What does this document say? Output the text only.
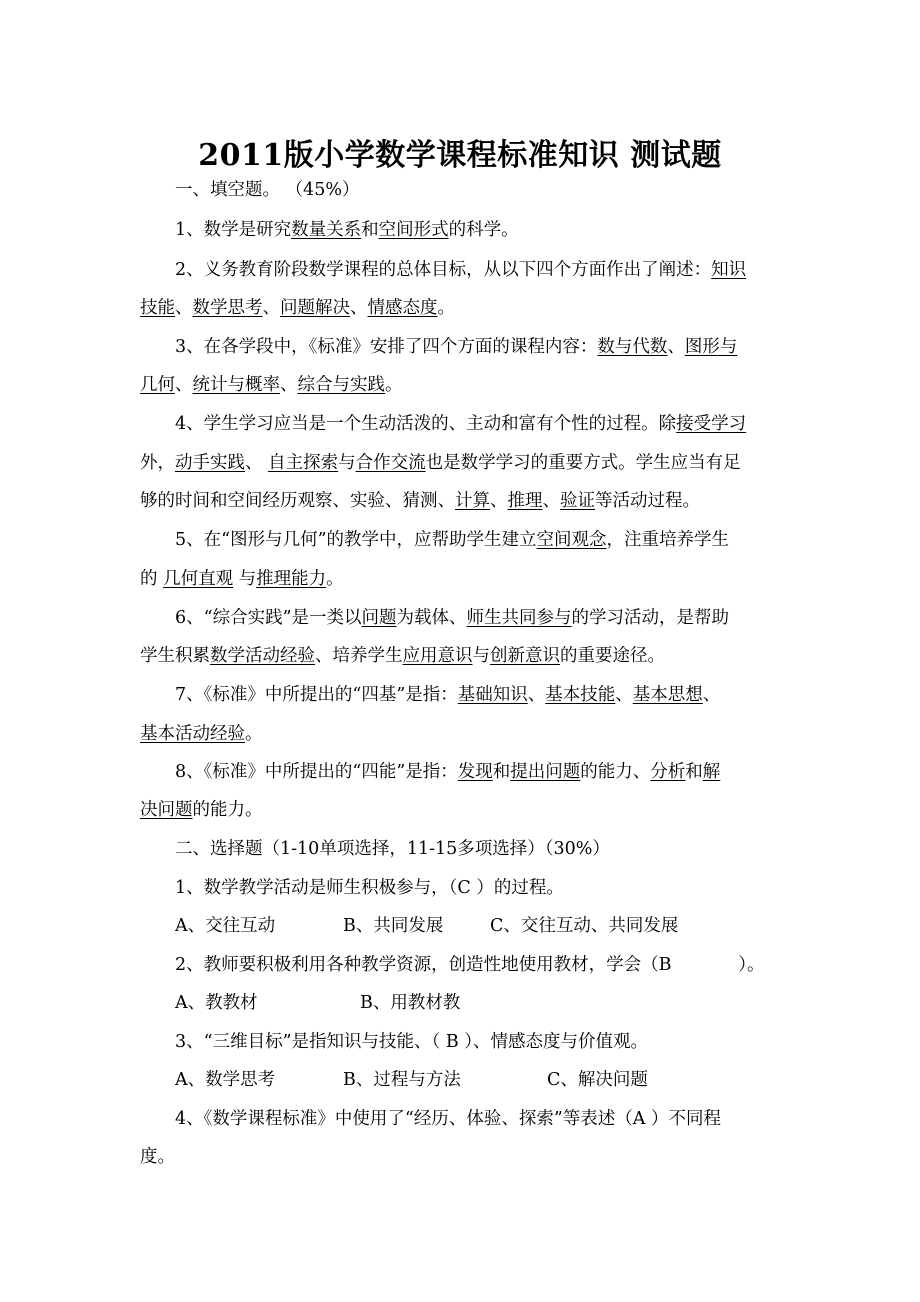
2011版小学数学课程标准知识 测试题
一、填空题。 （45%）
1、数学是研究数量关系和空间形式的科学。
2、义务教育阶段数学课程的总体目标，从以下四个方面作出了阐述：知识
技能、数学思考、问题解决、情感态度。
3、在各学段中，《标准》安排了四个方面的课程内容：数与代数、图形与
几何、统计与概率、综合与实践。
4、学生学习应当是一个生动活泼的、主动和富有个性的过程。除接受学习
外，动手实践、 自主探索与合作交流也是数学学习的重要方式。学生应当有足
够的时间和空间经历观察、实验、猜测、计算、推理、验证等活动过程。
5、在“图形与几何”的教学中，应帮助学生建立空间观念，注重培养学生
的 几何直观 与推理能力。
6、“综合实践”是一类以问题为载体、师生共同参与的学习活动，是帮助
学生积累数学活动经验、培养学生应用意识与创新意识的重要途径。
7、《标准》中所提出的“四基”是指：基础知识、基本技能、基本思想、
基本活动经验。
8、《标准》中所提出的“四能”是指：发现和提出问题的能力、分析和解
决问题的能力。
二、选择题（1-10单项选择，11-15多项选择）（30%）
1、数学教学活动是师生积极参与，（C ）的过程。
A、交往互动	B、共同发展	C、交往互动、共同发展
2、教师要积极利用各种教学资源，创造性地使用教材，学会（B            ）。
A、教教材	B、用教材教
3、“三维目标”是指知识与技能、（ B ）、情感态度与价值观。
A、数学思考	B、过程与方法	C、解决问题
4、《数学课程标准》中使用了“经历、体验、探索”等表述（A ）不同程
度。
